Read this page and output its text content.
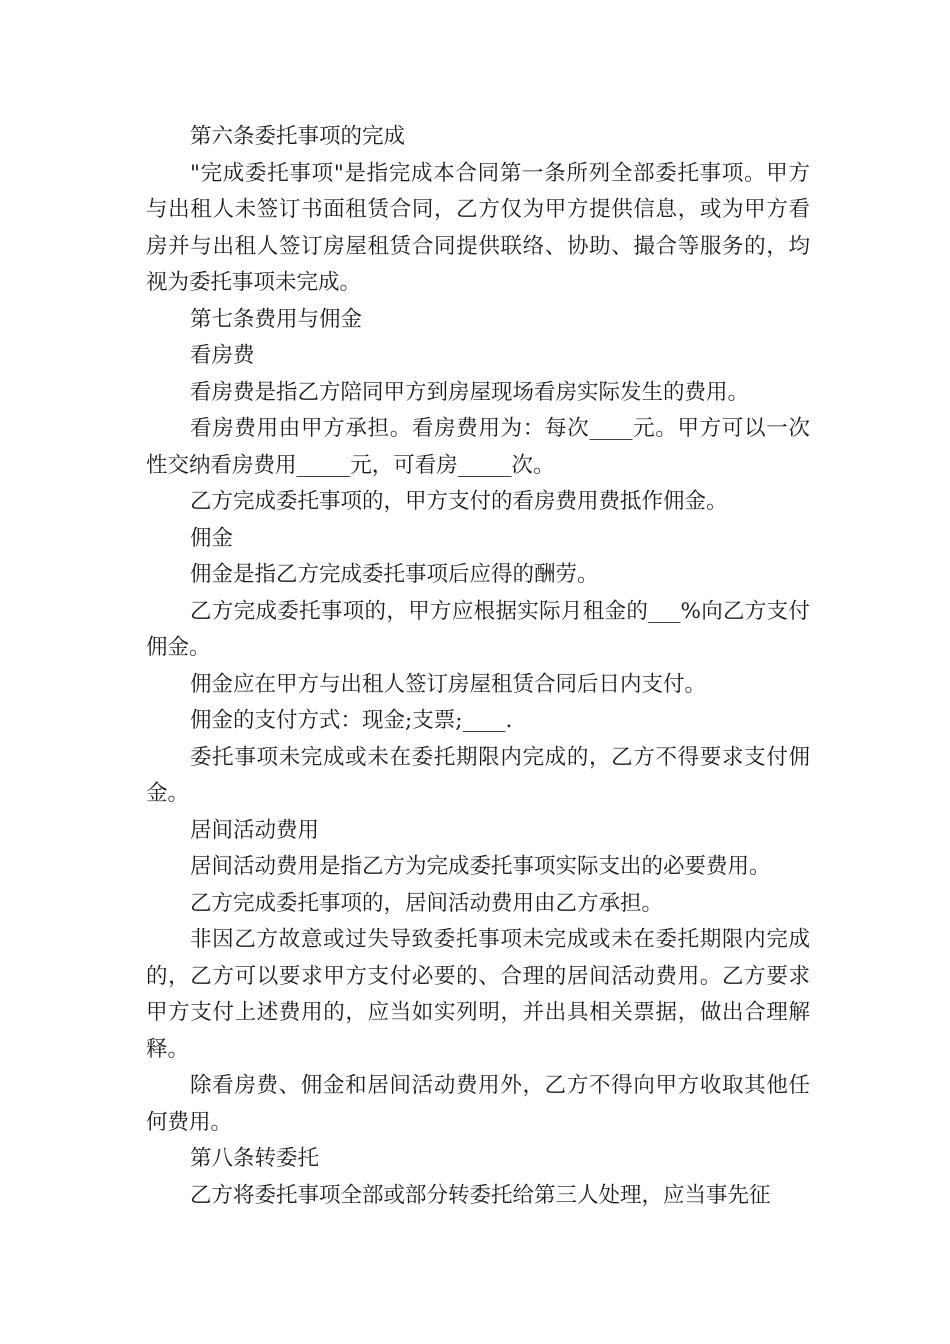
第六条委托事项的完成

"完成委托事项"是指完成本合同第一条所列全部委托事项。甲方与出租人未签订书面租赁合同，乙方仅为甲方提供信息，或为甲方看房并与出租人签订房屋租赁合同提供联络、协助、撮合等服务的，均视为委托事项未完成。

第七条费用与佣金

看房费

看房费是指乙方陪同甲方到房屋现场看房实际发生的费用。

看房费用由甲方承担。看房费用为：每次____元。甲方可以一次性交纳看房费用_____元，可看房_____次。

乙方完成委托事项的，甲方支付的看房费用费抵作佣金。

佣金

佣金是指乙方完成委托事项后应得的酬劳。

乙方完成委托事项的，甲方应根据实际月租金的___%向乙方支付佣金。

佣金应在甲方与出租人签订房屋租赁合同后日内支付。

佣金的支付方式：现金;支票;____.

委托事项未完成或未在委托期限内完成的，乙方不得要求支付佣金。

居间活动费用

居间活动费用是指乙方为完成委托事项实际支出的必要费用。

乙方完成委托事项的，居间活动费用由乙方承担。

非因乙方故意或过失导致委托事项未完成或未在委托期限内完成的，乙方可以要求甲方支付必要的、合理的居间活动费用。乙方要求甲方支付上述费用的，应当如实列明，并出具相关票据，做出合理解释。

除看房费、佣金和居间活动费用外，乙方不得向甲方收取其他任何费用。

第八条转委托

乙方将委托事项全部或部分转委托给第三人处理，应当事先征
